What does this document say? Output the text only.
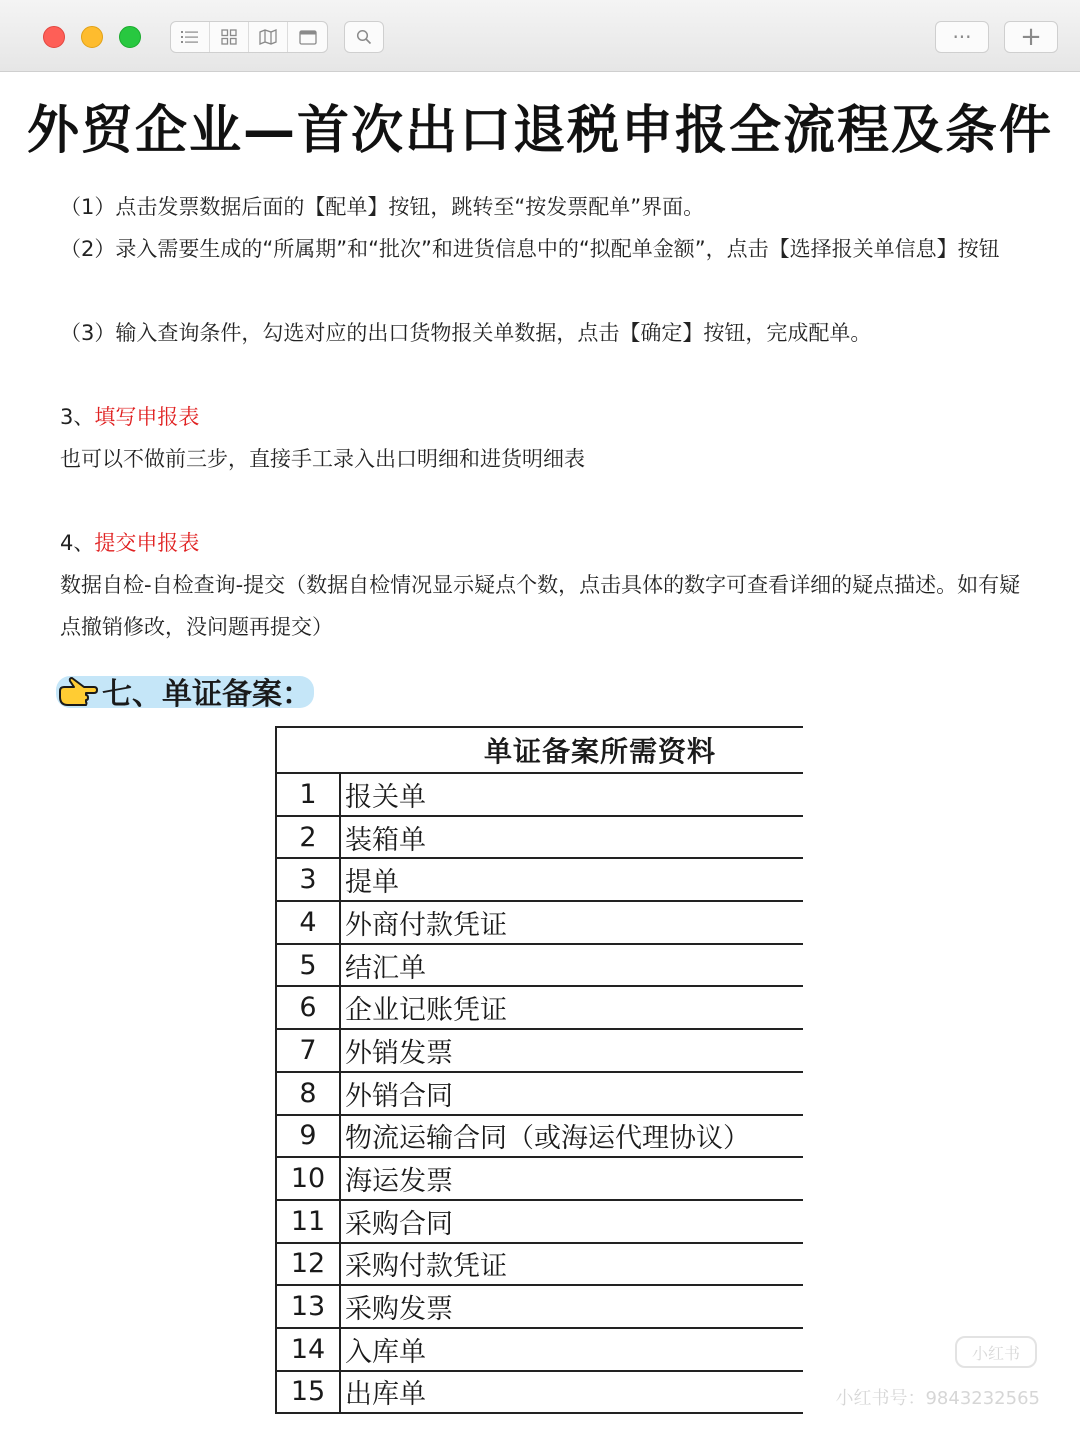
··· +
外贸企业—首次出口退税申报全流程及条件
（1）点击发票数据后面的【配单】按钮，跳转至“按发票配单”界面。
（2）录入需要生成的“所属期”和“批次”和进货信息中的“拟配单金额”，点击【选择报关单信息】按钮
（3）输入查询条件，勾选对应的出口货物报关单数据，点击【确定】按钮，完成配单。
3、填写申报表
也可以不做前三步，直接手工录入出口明细和进货明细表
4、提交申报表
数据自检-自检查询-提交（数据自检情况显示疑点个数，点击具体的数字可查看详细的疑点描述。如有疑点撤销修改，没问题再提交）
七、单证备案：
单证备案所需资料
1	报关单
2	装箱单
3	提单
4	外商付款凭证
5	结汇单
6	企业记账凭证
7	外销发票
8	外销合同
9	物流运输合同（或海运代理协议）
10 海运发票
11 采购合同
12 采购付款凭证
13 采购发票
14 入库单
15 出库单
小红书
小红书号：9843232565
